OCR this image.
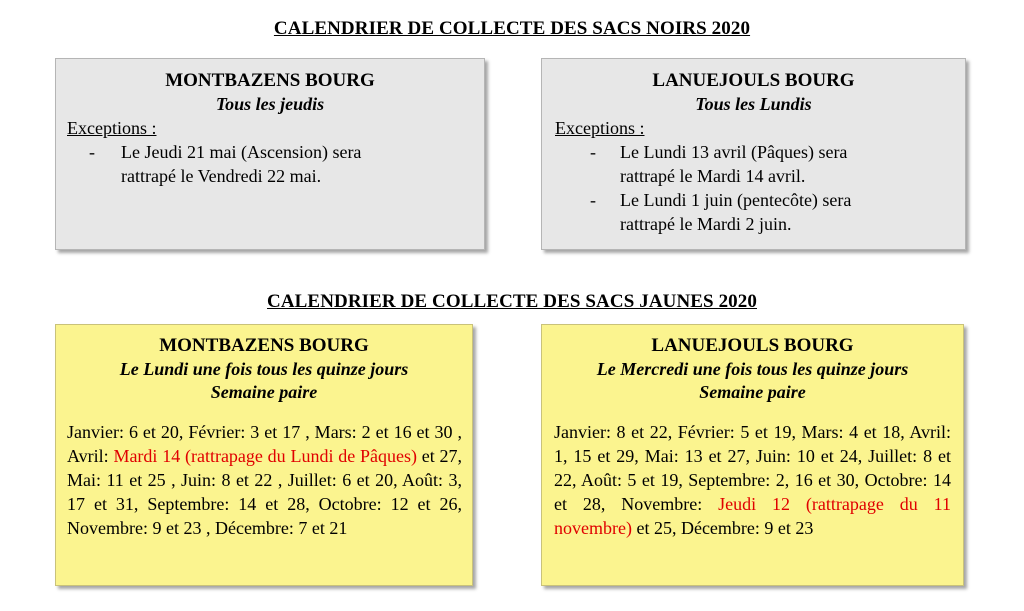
CALENDRIER DE COLLECTE DES SACS NOIRS 2020
MONTBAZENS BOURG
Tous les jeudis
Exceptions :
- Le Jeudi 21 mai (Ascension) sera
rattrapé le Vendredi 22 mai.
LANUEJOULS BOURG
Tous les Lundis
Exceptions :
- Le Lundi 13 avril (Pâques) sera
rattrapé le Mardi 14 avril.
- Le Lundi 1 juin (pentecôte) sera
rattrapé le Mardi 2 juin.
CALENDRIER DE COLLECTE DES SACS JAUNES 2020
MONTBAZENS BOURG
Le Lundi une fois tous les quinze jours
Semaine paire
Janvier: 6 et 20, Février: 3 et 17 , Mars: 2 et 16 et 30 , Avril: Mardi 14 (rattrapage du Lundi de Pâques) et 27, Mai: 11 et 25 , Juin: 8 et 22 , Juillet: 6 et 20, Août: 3, 17 et 31, Septembre: 14 et 28, Octobre: 12 et 26, Novembre: 9 et 23 , Décembre: 7 et 21
LANUEJOULS BOURG
Le Mercredi une fois tous les quinze jours
Semaine paire
Janvier: 8 et 22, Février: 5 et 19, Mars: 4 et 18, Avril: 1, 15 et 29, Mai: 13 et 27, Juin: 10 et 24, Juillet: 8 et 22, Août: 5 et 19, Septembre: 2, 16 et 30, Octobre: 14 et 28, Novembre: Jeudi 12 (rattrapage du 11 novembre) et 25, Décembre: 9 et 23
